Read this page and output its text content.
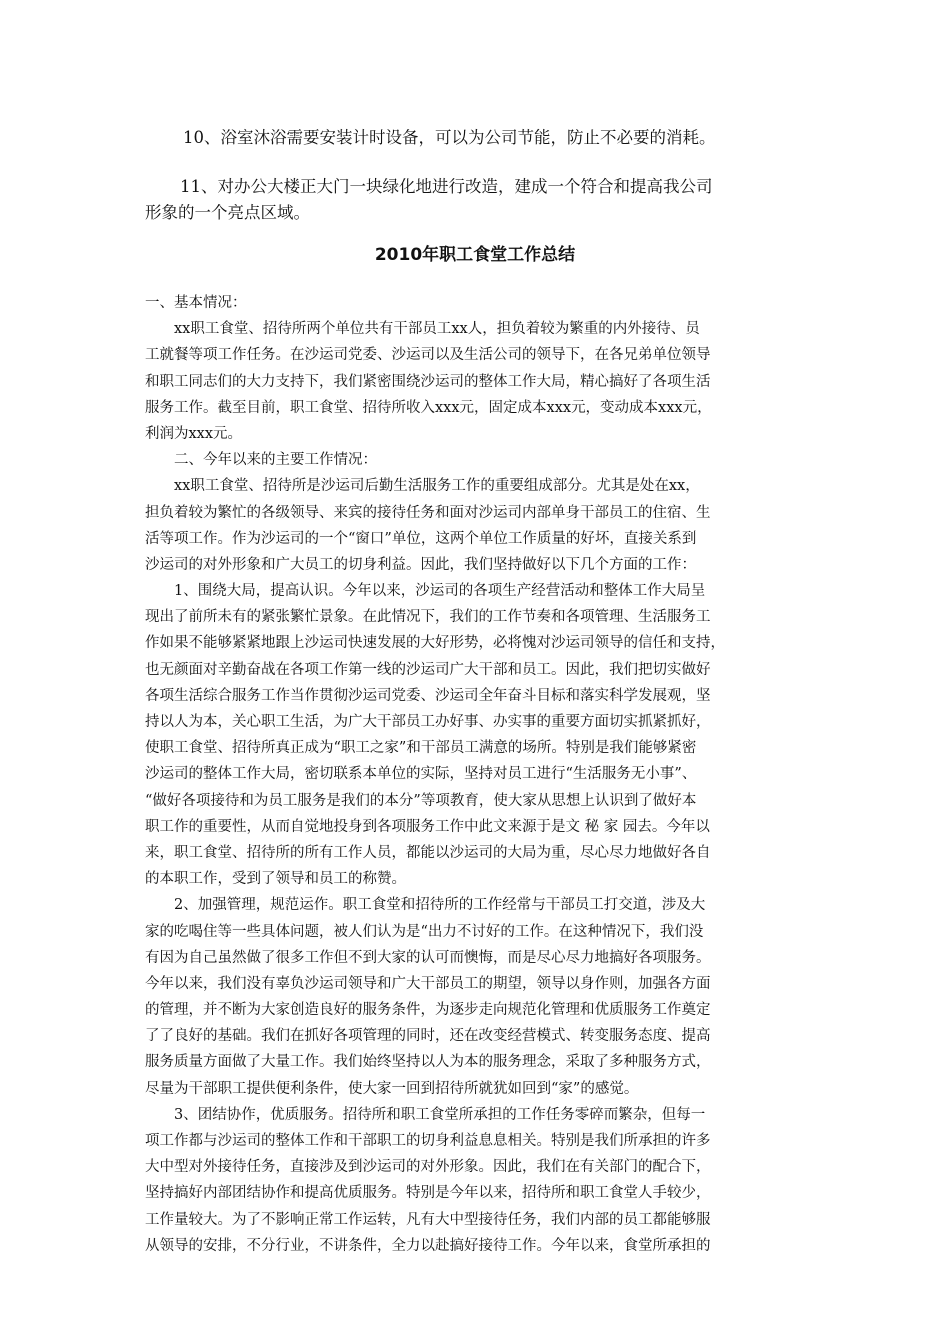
10、浴室沐浴需要安装计时设备，可以为公司节能，防止不必要的消耗。
11、对办公大楼正大门一块绿化地进行改造，建成一个符合和提高我公司
形象的一个亮点区域。
2010年职工食堂工作总结
一、基本情况：
　　xx职工食堂、招待所两个单位共有干部员工xx人，担负着较为繁重的内外接待、员
工就餐等项工作任务。在沙运司党委、沙运司以及生活公司的领导下，在各兄弟单位领导
和职工同志们的大力支持下，我们紧密围绕沙运司的整体工作大局，精心搞好了各项生活
服务工作。截至目前，职工食堂、招待所收入xxx元，固定成本xxx元，变动成本xxx元，
利润为xxx元。
　　二、今年以来的主要工作情况：
　　xx职工食堂、招待所是沙运司后勤生活服务工作的重要组成部分。尤其是处在xx，
担负着较为繁忙的各级领导、来宾的接待任务和面对沙运司内部单身干部员工的住宿、生
活等项工作。作为沙运司的一个“窗口”单位，这两个单位工作质量的好坏，直接关系到
沙运司的对外形象和广大员工的切身利益。因此，我们坚持做好以下几个方面的工作：
　　1、围绕大局，提高认识。今年以来，沙运司的各项生产经营活动和整体工作大局呈
现出了前所未有的紧张繁忙景象。在此情况下，我们的工作节奏和各项管理、生活服务工
作如果不能够紧紧地跟上沙运司快速发展的大好形势，必将愧对沙运司领导的信任和支持，
也无颜面对辛勤奋战在各项工作第一线的沙运司广大干部和员工。因此，我们把切实做好
各项生活综合服务工作当作贯彻沙运司党委、沙运司全年奋斗目标和落实科学发展观，坚
持以人为本，关心职工生活，为广大干部员工办好事、办实事的重要方面切实抓紧抓好，
使职工食堂、招待所真正成为“职工之家”和干部员工满意的场所。特别是我们能够紧密
沙运司的整体工作大局，密切联系本单位的实际，坚持对员工进行“生活服务无小事”、
“做好各项接待和为员工服务是我们的本分”等项教育，使大家从思想上认识到了做好本
职工作的重要性，从而自觉地投身到各项服务工作中此文来源于是文 秘 家 园去。今年以
来，职工食堂、招待所的所有工作人员，都能以沙运司的大局为重，尽心尽力地做好各自
的本职工作，受到了领导和员工的称赞。
　　2、加强管理，规范运作。职工食堂和招待所的工作经常与干部员工打交道，涉及大
家的吃喝住等一些具体问题，被人们认为是“出力不讨好的工作。在这种情况下，我们没
有因为自己虽然做了很多工作但不到大家的认可而懊悔，而是尽心尽力地搞好各项服务。
今年以来，我们没有辜负沙运司领导和广大干部员工的期望，领导以身作则，加强各方面
的管理，并不断为大家创造良好的服务条件，为逐步走向规范化管理和优质服务工作奠定
了了良好的基础。我们在抓好各项管理的同时，还在改变经营模式、转变服务态度、提高
服务质量方面做了大量工作。我们始终坚持以人为本的服务理念，采取了多种服务方式，
尽量为干部职工提供便利条件，使大家一回到招待所就犹如回到“家”的感觉。
　　3、团结协作，优质服务。招待所和职工食堂所承担的工作任务零碎而繁杂，但每一
项工作都与沙运司的整体工作和干部职工的切身利益息息相关。特别是我们所承担的许多
大中型对外接待任务，直接涉及到沙运司的对外形象。因此，我们在有关部门的配合下，
坚持搞好内部团结协作和提高优质服务。特别是今年以来，招待所和职工食堂人手较少，
工作量较大。为了不影响正常工作运转，凡有大中型接待任务，我们内部的员工都能够服
从领导的安排，不分行业，不讲条件，全力以赴搞好接待工作。今年以来，食堂所承担的
